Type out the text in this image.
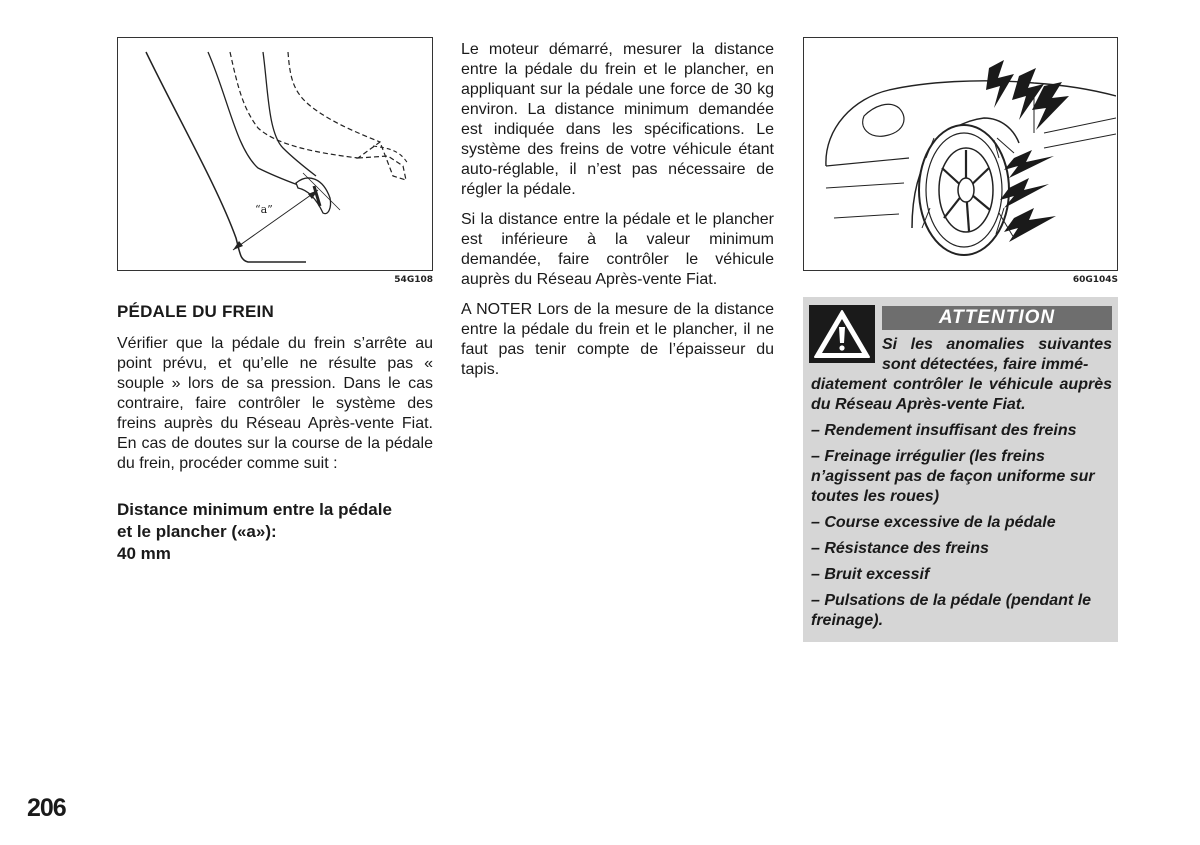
“a”
54G108	60G104S
PÉDALE DU FREIN

Vérifier que la pédale du frein s’arrête au point prévu, et qu’elle ne résulte pas « souple » lors de sa pression. Dans le cas contraire, faire contrôler le système des freins auprès du Réseau Après-vente Fiat. En cas de doutes sur la course de la pédale du frein, procéder comme suit :

Distance minimum entre la pédale
et le plancher («a»):
40 mm

Le moteur démarré, mesurer la distance entre la pédale du frein et le plancher, en appliquant sur la pédale une force de 30 kg environ. La distance minimum demandée est indiquée dans les spécifications. Le système des freins de votre véhicule étant auto-réglable, il n’est pas nécessaire de régler la pédale.

Si la distance entre la pédale et le plancher est inférieure à la valeur minimum demandée, faire contrôler le véhicule auprès du Réseau Après-vente Fiat.

A NOTER Lors de la mesure de la distance entre la pédale du frein et le plancher, il ne faut pas tenir compte de l’épaisseur du tapis.

ATTENTION
Si les anomalies suivantes sont détectées, faire immé-
diatement contrôler le véhicule auprès du Réseau Après-vente Fiat.
– Rendement insuffisant des freins
– Freinage irrégulier (les freins n’agissent pas de façon uniforme sur toutes les roues)
– Course excessive de la pédale
– Résistance des freins
– Bruit excessif
– Pulsations de la pédale (pendant le freinage).
206
